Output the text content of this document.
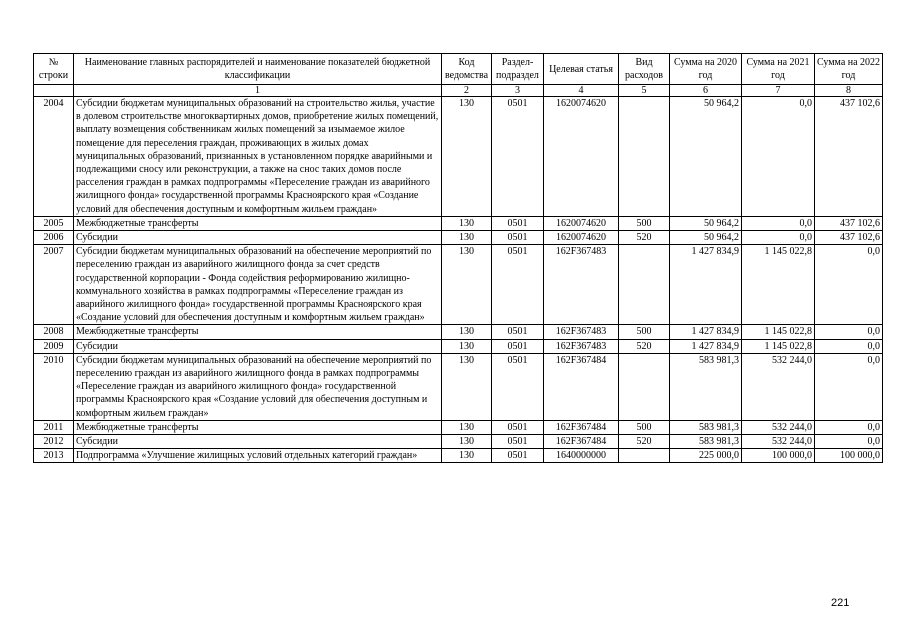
№ строки	Наименование главных распорядителей и наименование показателей бюджетной классификации	Код ведомства	Раздел-подраздел	Целевая статья	Вид расходов	Сумма на 2020 год	Сумма на 2021 год	Сумма на 2022 год
	1	2	3	4	5	6	7	8
2004	Субсидии бюджетам муниципальных образований на строительство жилья, участие в долевом строительстве многоквартирных домов, приобретение жилых помещений, выплату возмещения собственникам жилых помещений за изымаемое жилое помещение для переселения граждан, проживающих в жилых домах муниципальных образований, признанных в установленном порядке аварийными и подлежащими сносу или реконструкции, а также на снос таких домов после расселения граждан в рамках подпрограммы «Переселение граждан из аварийного жилищного фонда» государственной программы Красноярского края «Создание условий для обеспечения доступным и комфортным жильем граждан»	130	0501	1620074620		50 964,2	0,0	437 102,6
2005	Межбюджетные трансферты	130	0501	1620074620	500	50 964,2	0,0	437 102,6
2006	Субсидии	130	0501	1620074620	520	50 964,2	0,0	437 102,6
2007	Субсидии бюджетам муниципальных образований на обеспечение мероприятий по переселению граждан из аварийного жилищного фонда за счет средств государственной корпорации - Фонда содействия реформированию жилищно-коммунального хозяйства в рамках подпрограммы «Переселение граждан из аварийного жилищного фонда» государственной программы Красноярского края «Создание условий для обеспечения доступным и комфортным жильем граждан»	130	0501	162F367483		1 427 834,9	1 145 022,8	0,0
2008	Межбюджетные трансферты	130	0501	162F367483	500	1 427 834,9	1 145 022,8	0,0
2009	Субсидии	130	0501	162F367483	520	1 427 834,9	1 145 022,8	0,0
2010	Субсидии бюджетам муниципальных образований на обеспечение мероприятий по переселению граждан из аварийного жилищного фонда в рамках подпрограммы «Переселение граждан из аварийного жилищного фонда» государственной программы Красноярского края «Создание условий для обеспечения доступным и комфортным жильем граждан»	130	0501	162F367484		583 981,3	532 244,0	0,0
2011	Межбюджетные трансферты	130	0501	162F367484	500	583 981,3	532 244,0	0,0
2012	Субсидии	130	0501	162F367484	520	583 981,3	532 244,0	0,0
2013	Подпрограмма «Улучшение жилищных условий отдельных категорий граждан»	130	0501	1640000000		225 000,0	100 000,0	100 000,0
221
